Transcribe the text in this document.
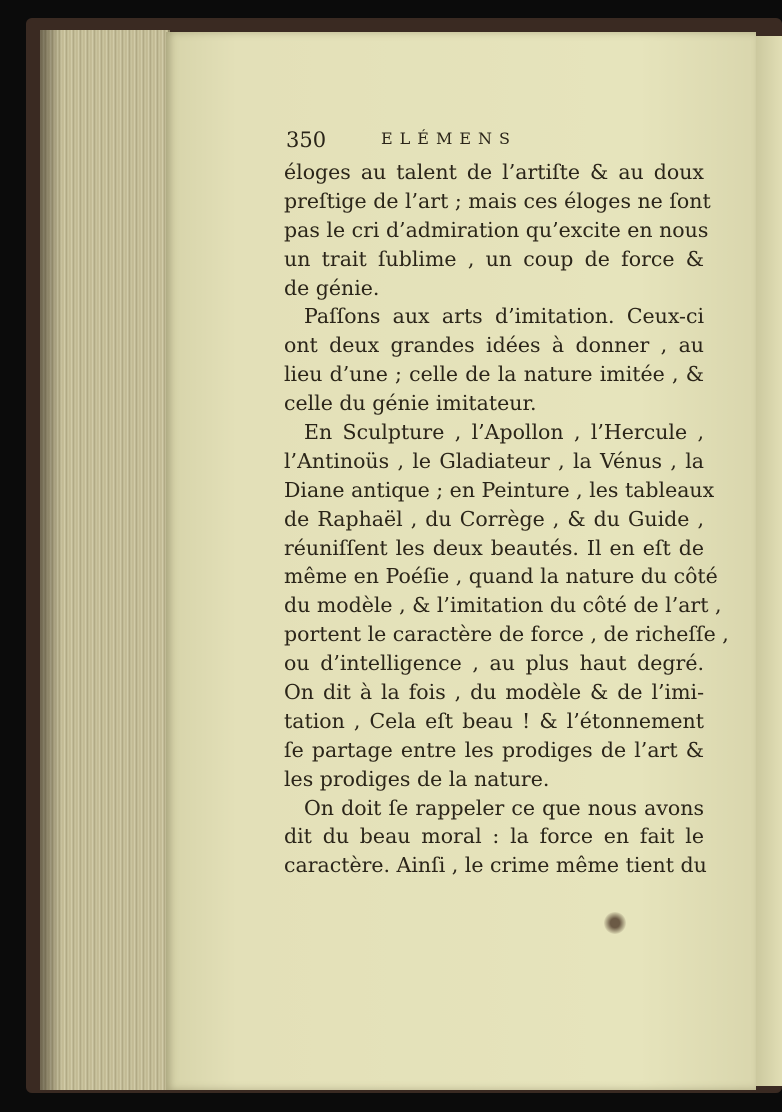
350	ELÉMENS
éloges au talent de l’artiſte & au doux
preſtige de l’art ; mais ces éloges ne ſont
pas le cri d’admiration qu’excite en nous
un trait ſublime , un coup de force &
de génie.
Paſſons aux arts d’imitation. Ceux-ci
ont deux grandes idées à donner , au
lieu d’une ; celle de la nature imitée , &
celle du génie imitateur.
En Sculpture , l’Apollon , l’Hercule ,
l’Antinoüs , le Gladiateur , la Vénus , la
Diane antique ; en Peinture , les tableaux
de Raphaël , du Corrège , & du Guide ,
réuniſſent les deux beautés. Il en eſt de
même en Poéſie , quand la nature du côté
du modèle , & l’imitation du côté de l’art ,
portent le caractère de force , de richeſſe ,
ou d’intelligence , au plus haut degré.
On dit à la fois , du modèle & de l’imi-
tation , Cela eſt beau ! & l’étonnement
ſe partage entre les prodiges de l’art &
les prodiges de la nature.
On doit ſe rappeler ce que nous avons
dit du beau moral : la force en fait le
caractère. Ainſi , le crime même tient du
